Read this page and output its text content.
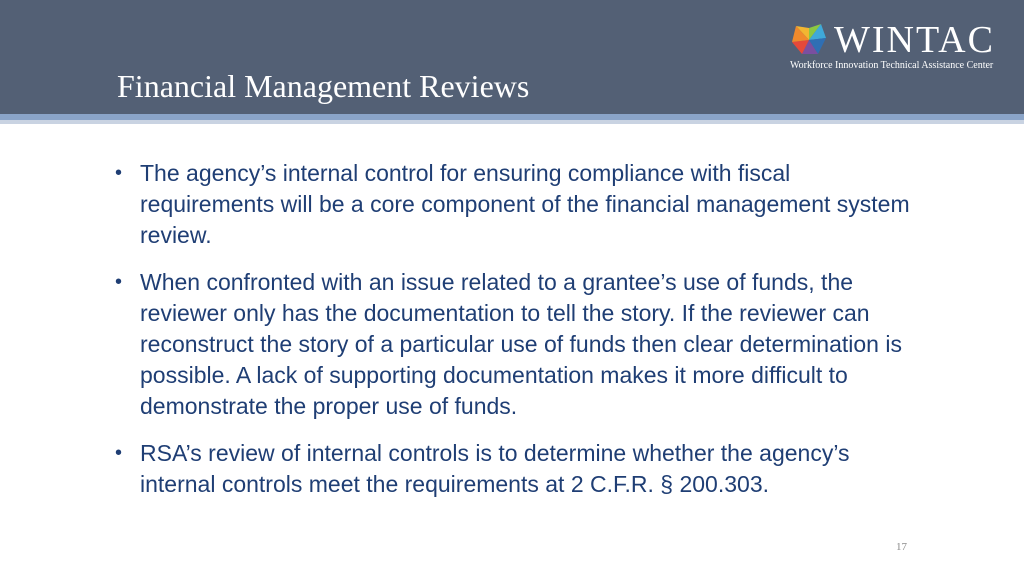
Financial Management Reviews
WINTAC
Workforce Innovation Technical Assistance Center
• The agency’s internal control for ensuring compliance with fiscal requirements will be a core component of the financial management system review.
• When confronted with an issue related to a grantee’s use of funds, the reviewer only has the documentation to tell the story. If the reviewer can reconstruct the story of a particular use of funds then clear determination is possible. A lack of supporting documentation makes it more difficult to demonstrate the proper use of funds.
• RSA’s review of internal controls is to determine whether the agency’s internal controls meet the requirements at 2 C.F.R. § 200.303.
17
